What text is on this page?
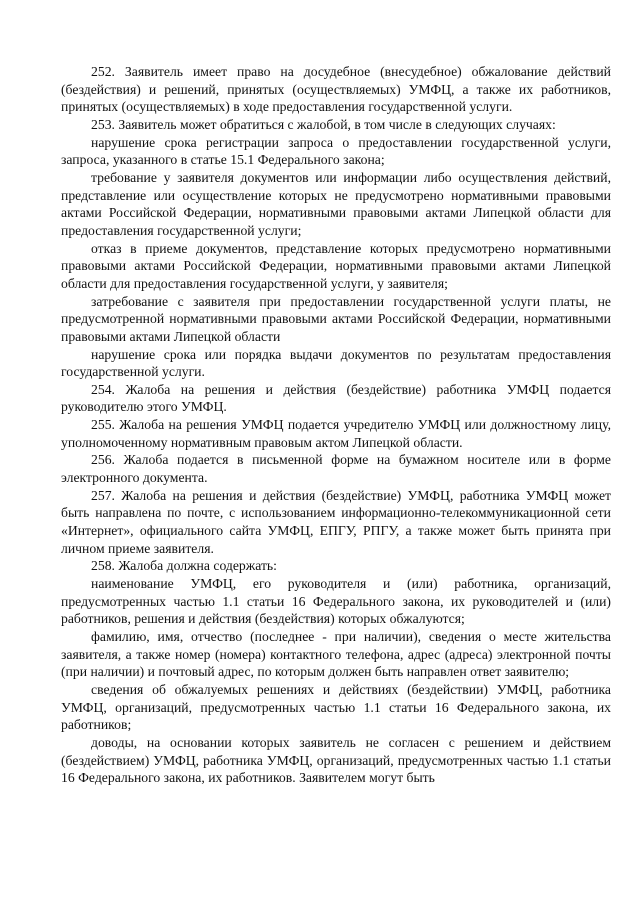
252. Заявитель имеет право на досудебное (внесудебное) обжалование действий (бездействия) и решений, принятых (осуществляемых) УМФЦ, а также их работников, принятых (осуществляемых) в ходе предоставления государственной услуги.

253. Заявитель может обратиться с жалобой, в том числе в следующих случаях:

нарушение срока регистрации запроса о предоставлении государственной услуги, запроса, указанного в статье 15.1 Федерального закона;

требование у заявителя документов или информации либо осуществления действий, представление или осуществление которых не предусмотрено нормативными правовыми актами Российской Федерации, нормативными правовыми актами Липецкой области для предоставления государственной услуги;

отказ в приеме документов, представление которых предусмотрено нормативными правовыми актами Российской Федерации, нормативными правовыми актами Липецкой области для предоставления государственной услуги, у заявителя;

затребование с заявителя при предоставлении государственной услуги платы, не предусмотренной нормативными правовыми актами Российской Федерации, нормативными правовыми актами Липецкой области

нарушение срока или порядка выдачи документов по результатам предоставления государственной услуги.

254. Жалоба на решения и действия (бездействие) работника УМФЦ подается руководителю этого УМФЦ.

255. Жалоба на решения УМФЦ подается учредителю УМФЦ или должностному лицу, уполномоченному нормативным правовым актом Липецкой области.

256. Жалоба подается в письменной форме на бумажном носителе или в форме электронного документа.

257. Жалоба на решения и действия (бездействие) УМФЦ, работника УМФЦ может быть направлена по почте, с использованием информационно-телекоммуникационной сети «Интернет», официального сайта УМФЦ, ЕПГУ, РПГУ, а также может быть принята при личном приеме заявителя.

258. Жалоба должна содержать:

наименование УМФЦ, его руководителя и (или) работника, организаций, предусмотренных частью 1.1 статьи 16 Федерального закона, их руководителей и (или) работников, решения и действия (бездействия) которых обжалуются;

фамилию, имя, отчество (последнее - при наличии), сведения о месте жительства заявителя, а также номер (номера) контактного телефона, адрес (адреса) электронной почты (при наличии) и почтовый адрес, по которым должен быть направлен ответ заявителю;

сведения об обжалуемых решениях и действиях (бездействии) УМФЦ, работника УМФЦ, организаций, предусмотренных частью 1.1 статьи 16 Федерального закона, их работников;

доводы, на основании которых заявитель не согласен с решением и действием (бездействием) УМФЦ, работника УМФЦ, организаций, предусмотренных частью 1.1 статьи 16 Федерального закона, их работников. Заявителем могут быть
